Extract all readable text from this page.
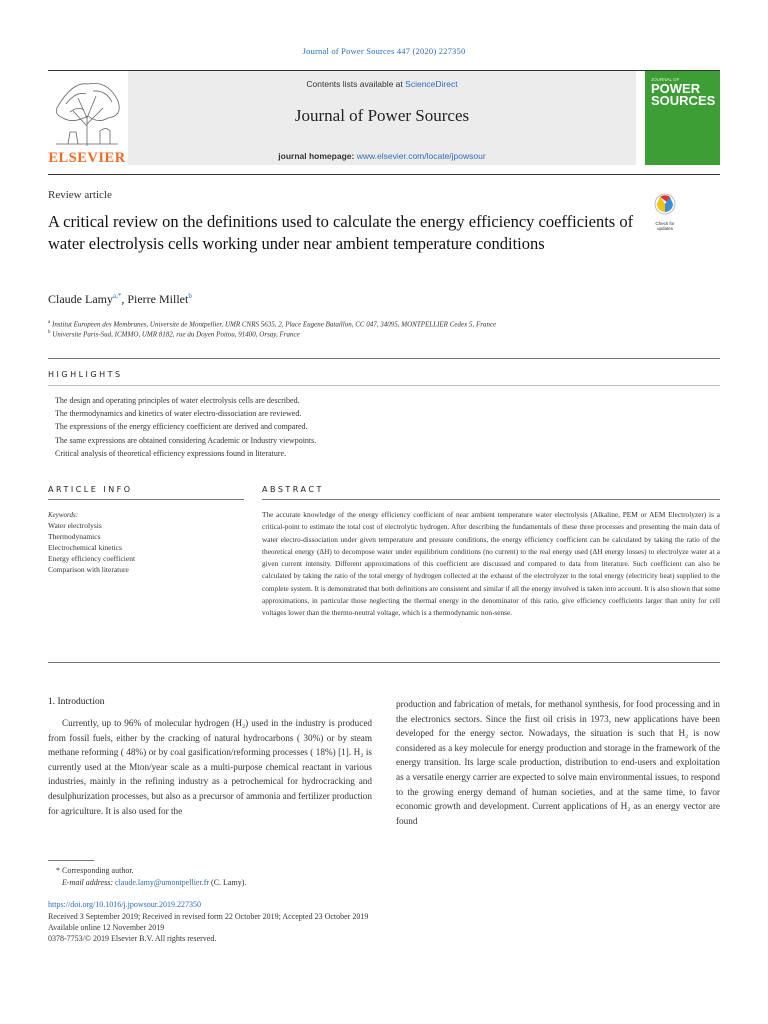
Journal of Power Sources 447 (2020) 227350
ELSEVIER
Contents lists available at ScienceDirect
Journal of Power Sources
journal homepage: www.elsevier.com/locate/jpowsour
JOURNAL OF
POWER
SOURCES
Review article
A critical review on the definitions used to calculate the energy efficiency coefficients of water electrolysis cells working under near ambient temperature conditions
Check for updates
Claude Lamy$^{a,*}$, Pierre Millet$^b$
$^a$ Institut Europeen des Membranes, Universite de Montpellier, UMR CNRS 5635, 2, Place Eugene Bataillon, CC 047, 34095, MONTPELLIER Cedex 5, France
$^b$ Universite Paris-Sud, ICMMO, UMR 8182, rue du Doyen Poitou, 91400, Orsay, France
HIGHLIGHTS
The design and operating principles of water electrolysis cells are described.
The thermodynamics and kinetics of water electro-dissociation are reviewed.
The expressions of the energy efficiency coefficient are derived and compared.
The same expressions are obtained considering Academic or Industry viewpoints.
Critical analysis of theoretical efficiency expressions found in literature.
ARTICLE INFO	ABSTRACT
Keywords:
Water electrolysis
Thermodynamics
Electrochemical kinetics
Energy efficiency coefficient
Comparison with literature
The accurate knowledge of the energy efficiency coefficient of near ambient temperature water electrolysis (Alkaline, PEM or AEM Electrolyzer) is a critical-point to estimate the total cost of electrolytic hydrogen. After describing the fundamentals of these three processes and presenting the main data of water electro-dissociation under given temperature and pressure conditions, the energy efficiency coefficient can be calculated by taking the ratio of the theoretical energy (ΔH) to decompose water under equilibrium conditions (no current) to the real energy used (ΔH energy losses) to electrolyze water at a given current intensity. Different approximations of this coefficient are discussed and compared to data from literature. Such coefficient can also be calculated by taking the ratio of the total energy of hydrogen collected at the exhaust of the electrolyzer to the total energy (electricity heat) supplied to the complete system. It is demonstrated that both definitions are consistent and similar if all the energy involved is taken into account. It is also shown that some approximations, in particular those neglecting the thermal energy in the denominator of this ratio, give efficiency coefficients larger than unity for cell voltages lower than the thermo-neutral voltage, which is a thermodynamic non-sense.
1. Introduction
Currently, up to 96% of molecular hydrogen (H₂) used in the industry is produced from fossil fuels, either by the cracking of natural hydrocarbons ( 30%) or by steam methane reforming ( 48%) or by coal gasification/reforming processes ( 18%) [1]. H₂ is currently used at the Mton/year scale as a multi-purpose chemical reactant in various industries, mainly in the refining industry as a petrochemical for hydrocracking and desulphurization processes, but also as a precursor of ammonia and fertilizer production for agriculture. It is also used for the
production and fabrication of metals, for methanol synthesis, for food processing and in the electronics sectors. Since the first oil crisis in 1973, new applications have been developed for the energy sector. Nowadays, the situation is such that H₂ is now considered as a key molecule for energy production and storage in the framework of the energy transition. Its large scale production, distribution to end-users and exploitation as a versatile energy carrier are expected to solve main environmental issues, to respond to the growing energy demand of human societies, and at the same time, to favor economic growth and development. Current applications of H₂ as an energy vector are found
* Corresponding author.
E-mail address: claude.lamy@umontpellier.fr (C. Lamy).
https://doi.org/10.1016/j.jpowsour.2019.227350
Received 3 September 2019; Received in revised form 22 October 2019; Accepted 23 October 2019
Available online 12 November 2019
0378-7753/© 2019 Elsevier B.V. All rights reserved.
